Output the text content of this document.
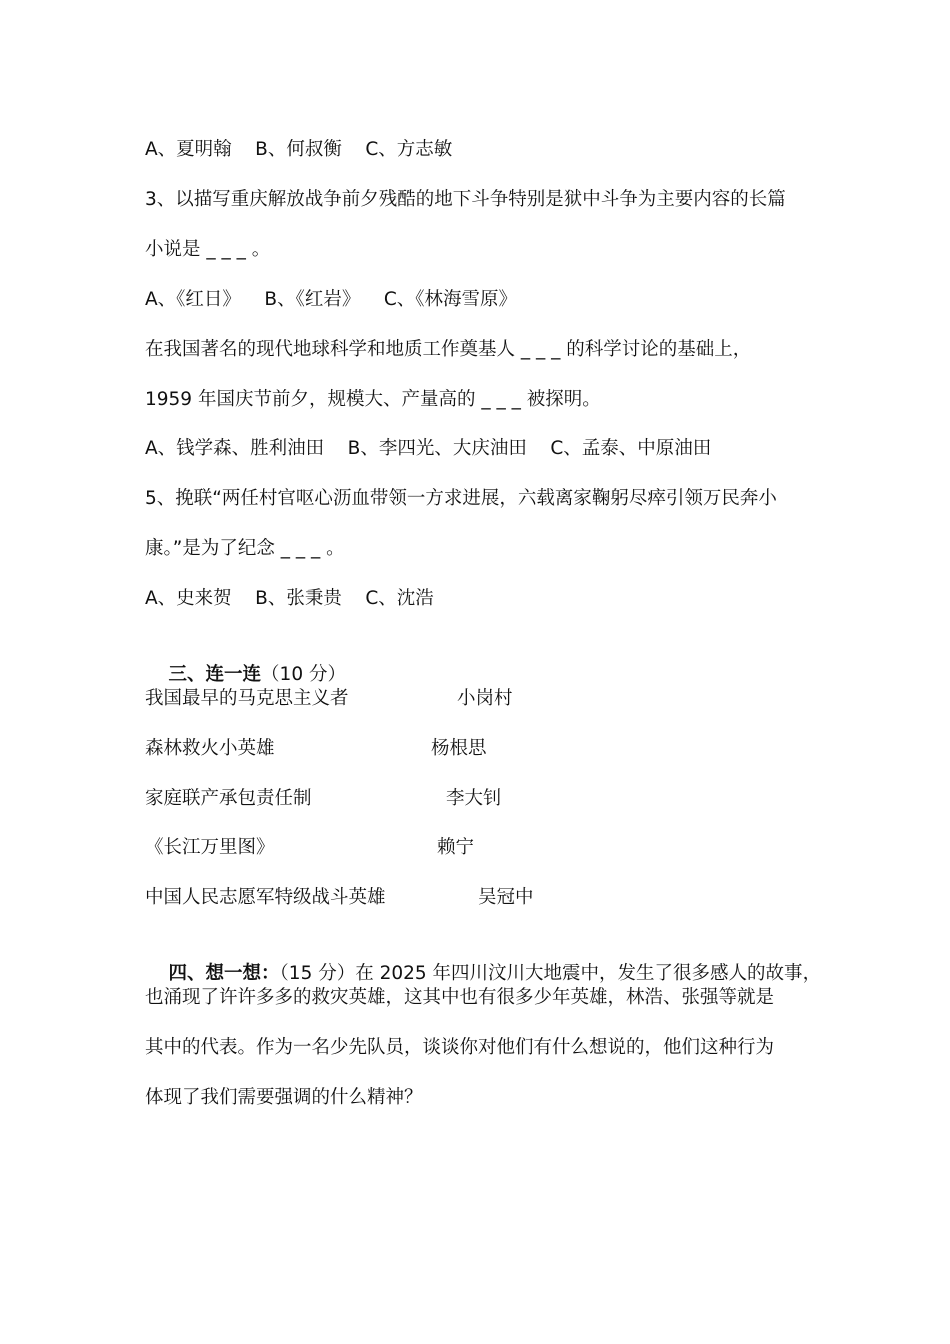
A、夏明翰    B、何叔衡    C、方志敏
3、以描写重庆解放战争前夕残酷的地下斗争特别是狱中斗争为主要内容的长篇
小说是 _ _ _ 。
A、《红日》    B、《红岩》    C、《林海雪原》
在我国著名的现代地球科学和地质工作奠基人 _ _ _ 的科学讨论的基础上，
1959 年国庆节前夕，规模大、产量高的 _ _ _ 被探明。
A、钱学森、胜利油田    B、李四光、大庆油田    C、孟泰、中原油田
5、挽联“两任村官呕心沥血带领一方求进展，六载离家鞠躬尽瘁引领万民奔小
康。”是为了纪念 _ _ _ 。
A、史来贺    B、张秉贵    C、沈浩

三、连一连（10 分）

我国最早的马克思主义者	小岗村
森林救火小英雄	杨根思
家庭联产承包责任制	李大钊
《长江万里图》	赖宁
中国人民志愿军特级战斗英雄	吴冠中

四、想一想：（15 分）在 2025 年四川汶川大地震中，发生了很多感人的故事，

也涌现了许许多多的救灾英雄，这其中也有很多少年英雄，林浩、张强等就是
其中的代表。作为一名少先队员，谈谈你对他们有什么想说的，他们这种行为
体现了我们需要强调的什么精神？
